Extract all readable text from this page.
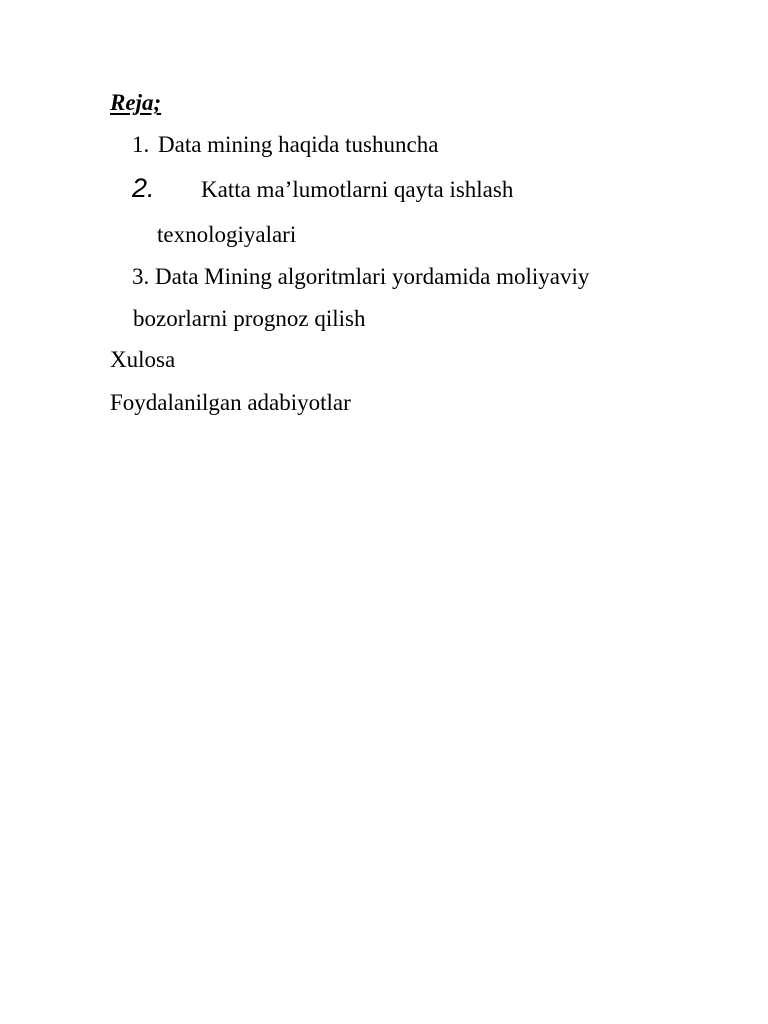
Reja;
1. Data mining haqida tushuncha
2. Katta ma’lumotlarni qayta ishlash
texnologiyalari
3. Data Mining algoritmlari yordamida moliyaviy
bozorlarni prognoz qilish
Xulosa
Foydalanilgan adabiyotlar
